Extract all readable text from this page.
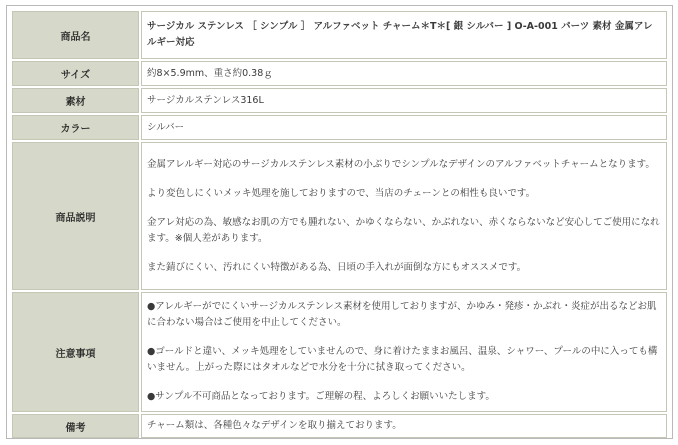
商品名	サージカル ステンレス ［ シンプル ］ アルファベット チャーム＊T＊[ 銀 シルバー ] O-A-001 パーツ 素材 金属アレルギー対応
サイズ	約8×5.9mm、重さ約0.38ｇ
素材	サージカルステンレス316L
カラー	シルバー
商品説明	金属アレルギー対応のサージカルステンレス素材の小ぶりでシンプルなデザインのアルファベットチャームとなります。

より変色しにくいメッキ処理を施しておりますので、当店のチェーンとの相性も良いです。

金アレ対応の為、敏感なお肌の方でも腫れない、かゆくならない、かぶれない、赤くならないなど安心してご使用になれます。※個人差があります。

また錆びにくい、汚れにくい特徴がある為、日頃の手入れが面倒な方にもオススメです。

注意事項	●アレルギーがでにくいサージカルステンレス素材を使用しておりますが、かゆみ・発疹・かぶれ・炎症が出るなどお肌に合わない場合はご使用を中止してください。

●ゴールドと違い、メッキ処理をしていませんので、身に着けたままお風呂、温泉、シャワー、プールの中に入っても構いません。上がった際にはタオルなどで水分を十分に拭き取ってください。

●サンプル不可商品となっております。ご理解の程、よろしくお願いいたします。

備考	チャーム類は、各種色々なデザインを取り揃えております。
